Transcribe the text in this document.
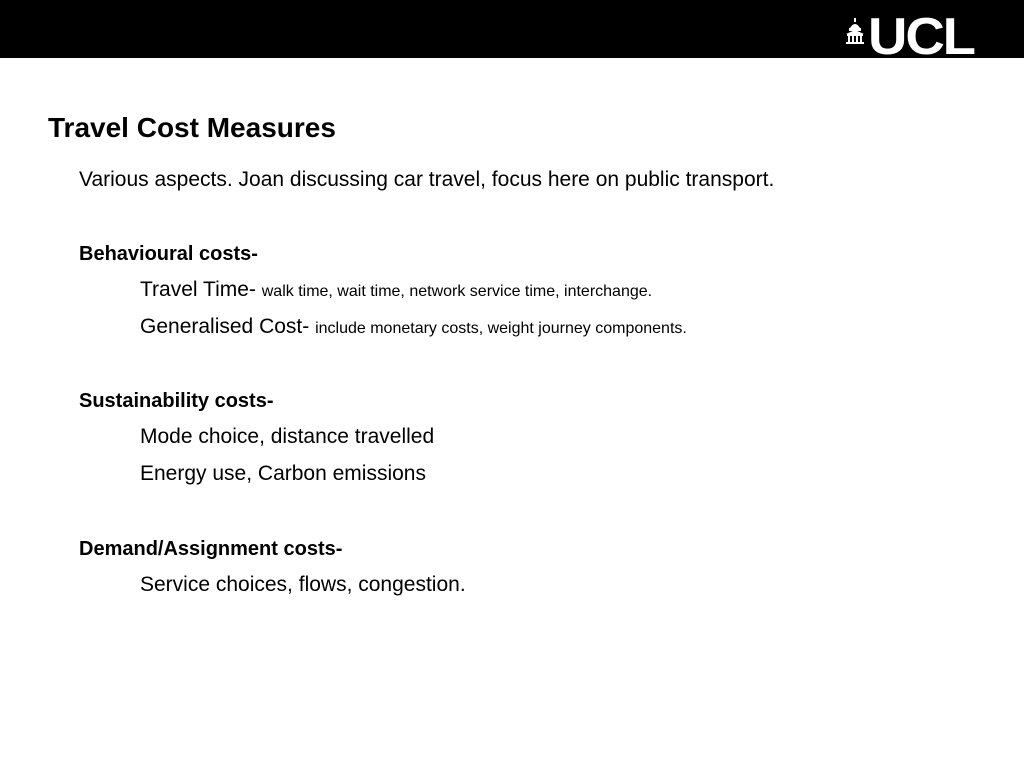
UCL
Travel Cost Measures
Various aspects. Joan discussing car travel, focus here on public transport.
Behavioural costs-
Travel Time- walk time, wait time, network service time, interchange.
Generalised Cost- include monetary costs, weight journey components.
Sustainability costs-
Mode choice, distance travelled
Energy use, Carbon emissions
Demand/Assignment costs-
Service choices, flows, congestion.
